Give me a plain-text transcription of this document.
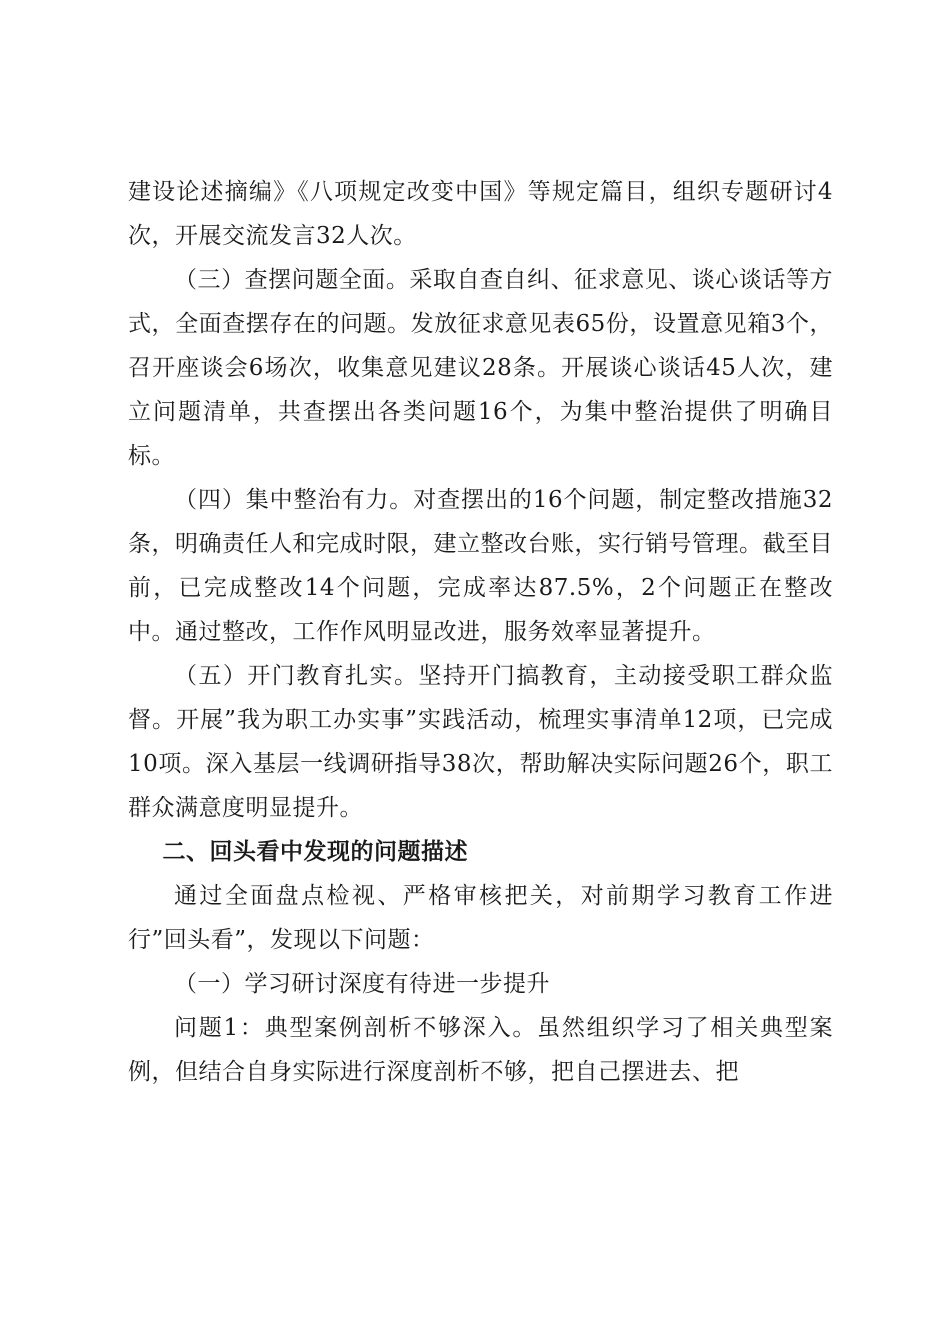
建设论述摘编》《八项规定改变中国》等规定篇目，组织专题研讨4次，开展交流发言32人次。

（三）查摆问题全面。采取自查自纠、征求意见、谈心谈话等方式，全面查摆存在的问题。发放征求意见表65份，设置意见箱3个，召开座谈会6场次，收集意见建议28条。开展谈心谈话45人次，建立问题清单，共查摆出各类问题16个，为集中整治提供了明确目标。

（四）集中整治有力。对查摆出的16个问题，制定整改措施32条，明确责任人和完成时限，建立整改台账，实行销号管理。截至目前，已完成整改14个问题，完成率达87.5%，2个问题正在整改中。通过整改，工作作风明显改进，服务效率显著提升。

（五）开门教育扎实。坚持开门搞教育，主动接受职工群众监督。开展”我为职工办实事”实践活动，梳理实事清单12项，已完成10项。深入基层一线调研指导38次，帮助解决实际问题26个，职工群众满意度明显提升。

二、回头看中发现的问题描述

通过全面盘点检视、严格审核把关，对前期学习教育工作进行”回头看”，发现以下问题：

（一）学习研讨深度有待进一步提升

问题1：典型案例剖析不够深入。虽然组织学习了相关典型案例，但结合自身实际进行深度剖析不够，把自己摆进去、把
